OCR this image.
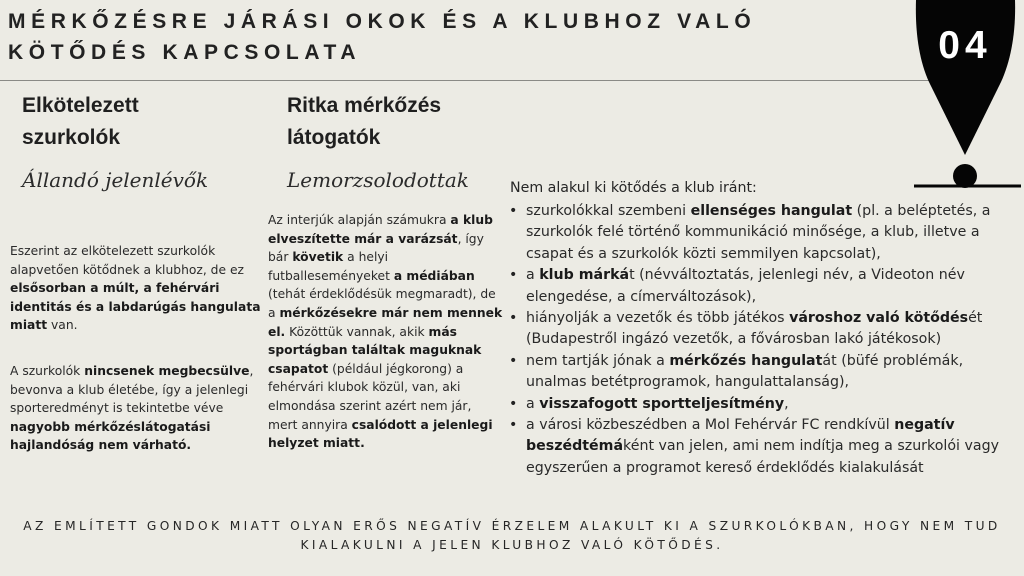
MÉRKŐZÉSRE JÁRÁSI OKOK ÉS A KLUBHOZ VALÓ KÖTŐDÉS KAPCSOLATA	04
Elkötelezett szurkolók

Állandó jelenlévők

Eszerint az elkötelezett szurkolók alapvetően kötődnek a klubhoz, de ez elsősorban a múlt, a fehérvári identitás és a labdarúgás hangulata miatt van.

A szurkolók nincsenek megbecsülve, bevonva a klub életébe, így a jelenlegi sporteredményt is tekintetbe véve nagyobb mérkőzéslátogatási hajlandóság nem várható.

Ritka mérkőzés látogatók

Lemorzsolodottak

Az interjúk alapján számukra a klub elveszítette már a varázsát, így bár követik a helyi futballeseményeket a médiában (tehát érdeklődésük megmaradt), de a mérkőzésekre már nem mennek el. Közöttük vannak, akik más sportágban találtak maguknak csapatot (például jégkorong) a fehérvári klubok közül, van, aki elmondása szerint azért nem jár, mert annyira csalódott a jelenlegi helyzet miatt.

Nem alakul ki kötődés a klub iránt:

• szurkolókkal szembeni ellenséges hangulat (pl. a beléptetés, a szurkolók felé történő kommunikáció minősége, a klub, illetve a csapat és a szurkolók közti semmilyen kapcsolat),
• a klub márkát (névváltoztatás, jelenlegi név, a Videoton név elengedése, a címerváltozások),
• hiányolják a vezetők és több játékos városhoz való kötődését (Budapestről ingázó vezetők, a fővárosban lakó játékosok)
• nem tartják jónak a mérkőzés hangulatát (büfé problémák, unalmas betétprogramok, hangulattalanság),
• a visszafogott sportteljesítmény,
• a városi közbeszédben a Mol Fehérvár FC rendkívül negatív beszédtémáként van jelen, ami nem indítja meg a szurkolói vagy egyszerűen a programot kereső érdeklődés kialakulását

AZ EMLÍTETT GONDOK MIATT OLYAN ERŐS NEGATÍV ÉRZELEM ALAKULT KI A SZURKOLÓKBAN, HOGY NEM TUD KIALAKULNI A JELEN KLUBHOZ VALÓ KÖTŐDÉS.
